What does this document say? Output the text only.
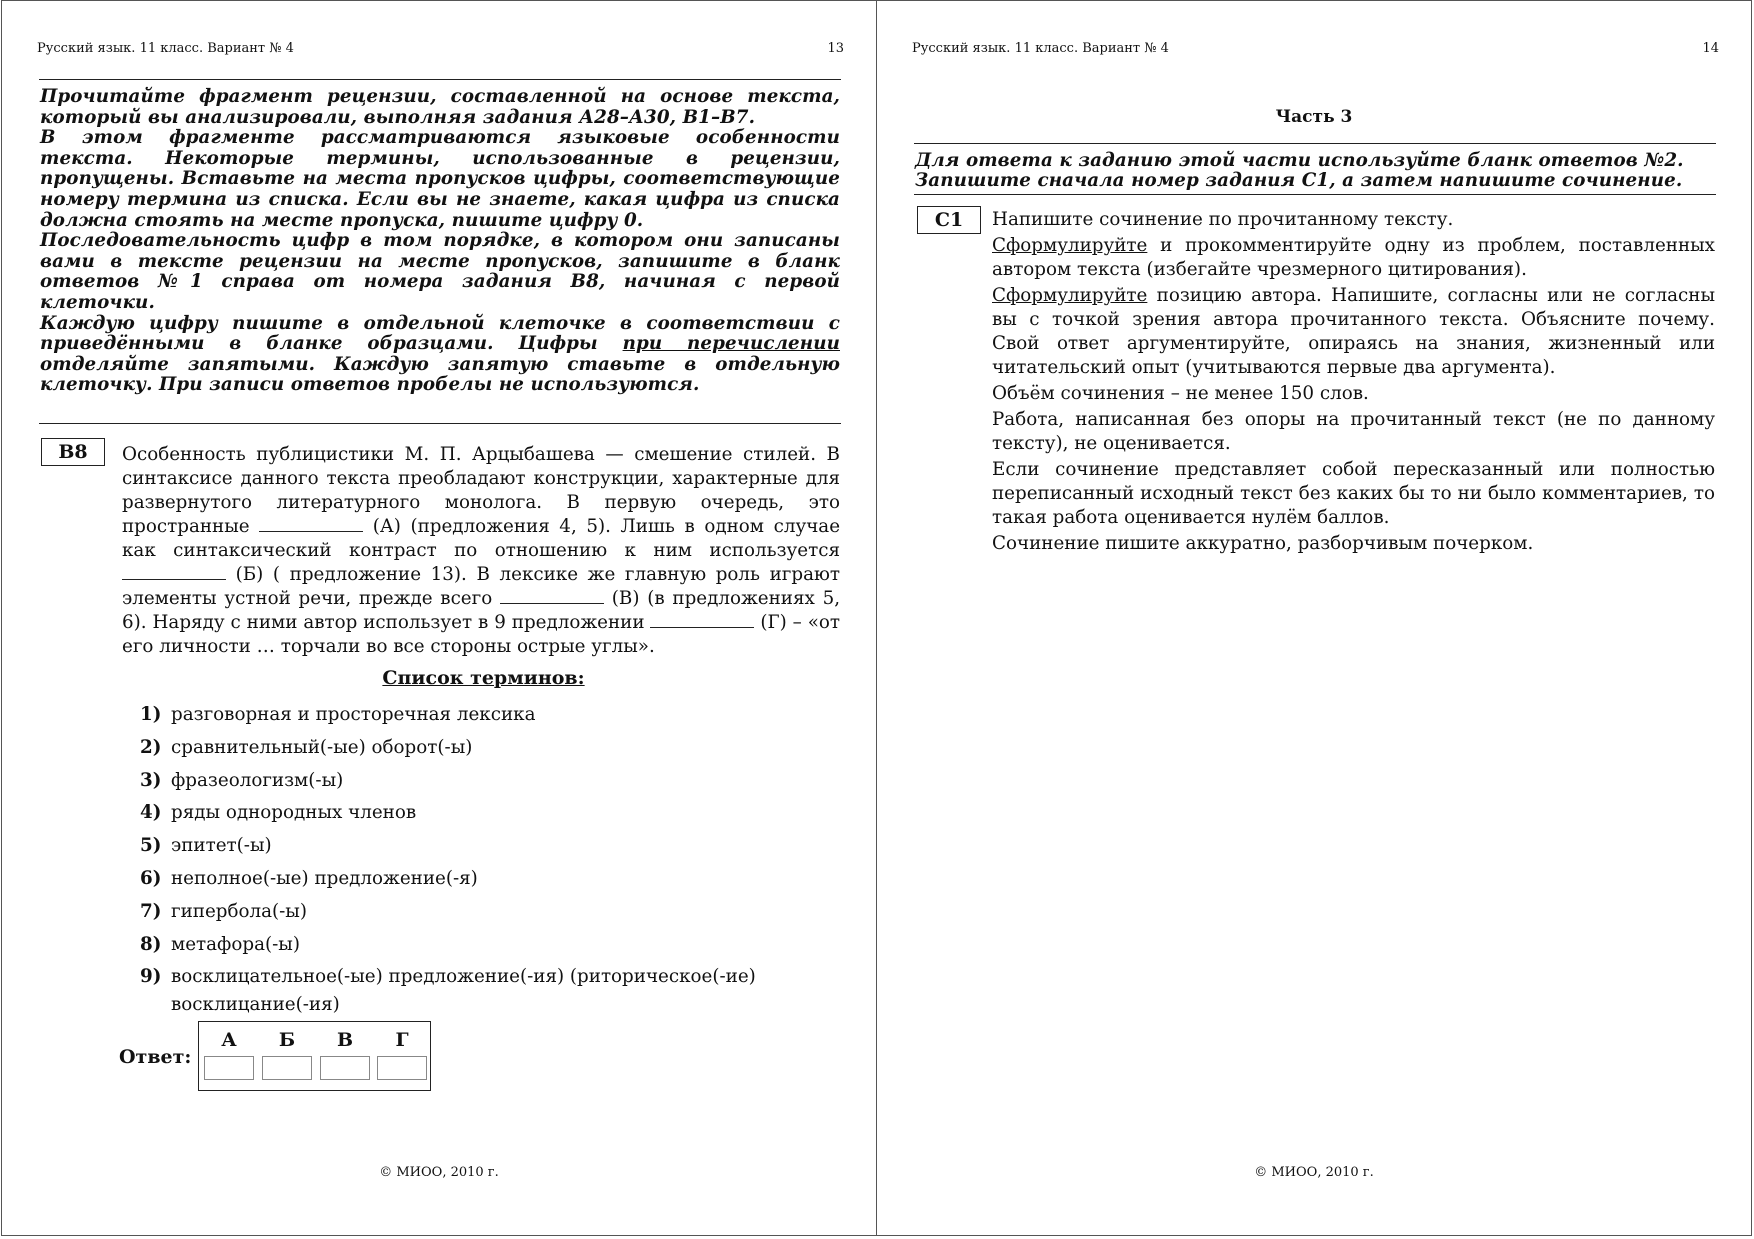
Русский язык. 11 класс. Вариант № 4	13

Прочитайте фрагмент рецензии, составленной на основе текста, который вы анализировали, выполняя задания А28–А30, В1–В7.

В этом фрагменте рассматриваются языковые особенности текста. Некоторые термины, использованные в рецензии, пропущены. Вставьте на места пропусков цифры, соответствующие номеру термина из списка. Если вы не знаете, какая цифра из списка должна стоять на месте пропуска, пишите цифру 0.

Последовательность цифр в том порядке, в котором они записаны вами в тексте рецензии на месте пропусков, запишите в бланк ответов №1 справа от номера задания В8, начиная с первой клеточки.

Каждую цифру пишите в отдельной клеточке в соответствии с приведёнными в бланке образцами. Цифры при перечислении отделяйте запятыми. Каждую запятую ставьте в отдельную клеточку. При записи ответов пробелы не используются.

В8	Особенность публицистики М. П. Арцыбашева — смешение стилей. В синтаксисе данного текста преобладают конструкции, характерные для развернутого литературного монолога. В первую очередь, это пространные	(А) (предложения 4, 5). Лишь в одном случае как синтаксический контраст по отношению к ним используется  (Б) ( предложение 13). В лексике же главную роль играют элементы устной речи, прежде всего	(В) (в предложениях 5, 6). Наряду с ними автор использует в 9 предложении	(Г) – «от его личности … торчали во все стороны острые углы».
Список терминов:
1) разговорная и просторечная лексика
2) сравнительный(-ые) оборот(-ы)
3) фразеологизм(-ы)
4) ряды однородных членов
5) эпитет(-ы)
6) неполное(-ые) предложение(-я)
7) гипербола(-ы)
8) метафора(-ы)
9) восклицательное(-ые) предложение(-ия) (риторическое(-ие) восклицание(-ия)
Ответ:
А	Б	В	Г
© МИОО, 2010 г.
Русский язык. 11 класс. Вариант № 4	14
Часть 3

Для ответа к заданию этой части используйте бланк ответов №2.

Запишите сначала номер задания С1, а затем напишите сочинение.

С1	Напишите сочинение по прочитанному тексту.

Сформулируйте и прокомментируйте одну из проблем, поставленных автором текста (избегайте чрезмерного цитирования).

Сформулируйте позицию автора. Напишите, согласны или не согласны вы с точкой зрения автора прочитанного текста. Объясните почему. Свой ответ аргументируйте, опираясь на знания, жизненный или читательский опыт (учитываются первые два аргумента).

Объём сочинения – не менее 150 слов.

Работа, написанная без опоры на прочитанный текст (не по данному тексту), не оценивается.

Если сочинение представляет собой пересказанный или полностью переписанный исходный текст без каких бы то ни было комментариев, то такая работа оценивается нулём баллов.

Сочинение пишите аккуратно, разборчивым почерком.

© МИОО, 2010 г.
